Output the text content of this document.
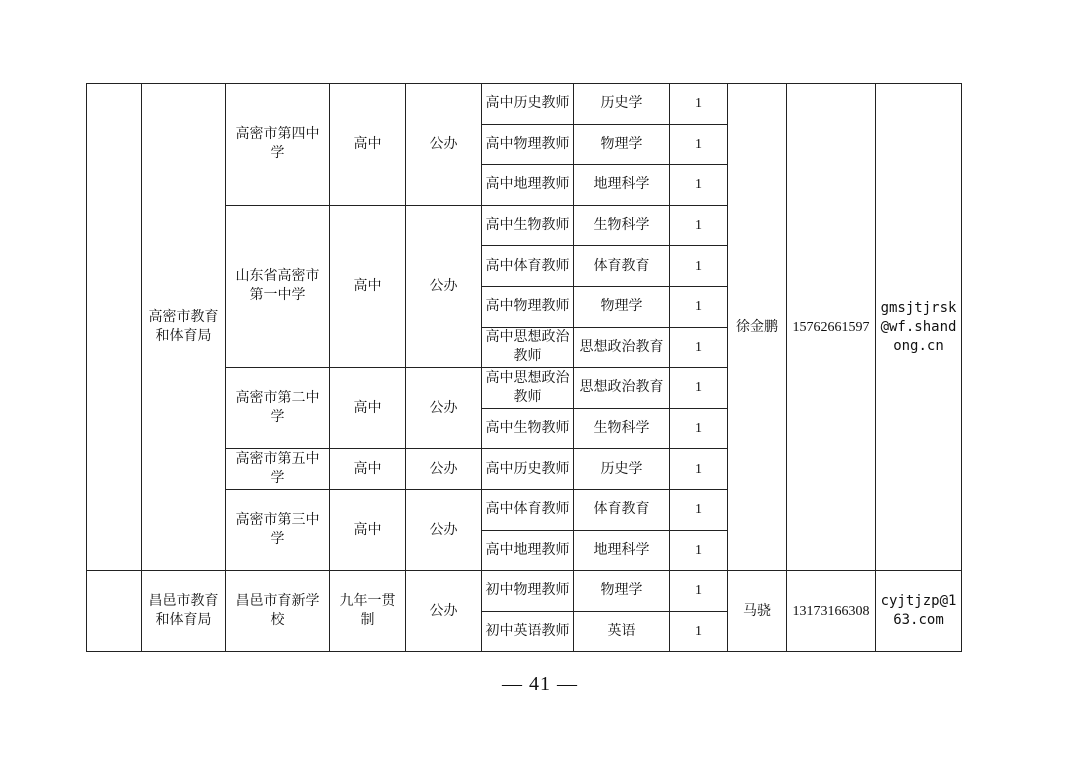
	高密市教育和体育局	高密市第四中学	高中	公办	高中历史教师	历史学	1	徐金鹏	15762661597	gmsjtjrsk@wf.shandong.cn
					高中物理教师	物理学	1			
					高中地理教师	地理科学	1			
		山东省高密市第一中学	高中	公办	高中生物教师	生物科学	1			
					高中体育教师	体育教育	1			
					高中物理教师	物理学	1			
					高中思想政治教师	思想政治教育	1			
		高密市第二中学	高中	公办	高中思想政治教师	思想政治教育	1			
					高中生物教师	生物科学	1			
		高密市第五中学	高中	公办	高中历史教师	历史学	1			
		高密市第三中学	高中	公办	高中体育教师	体育教育	1			
					高中地理教师	地理科学	1			
	昌邑市教育和体育局	昌邑市育新学校	九年一贯制	公办	初中物理教师	物理学	1	马骁	13173166308	cyjtjzp@163.com
					初中英语教师	英语	1			
— 41 —
